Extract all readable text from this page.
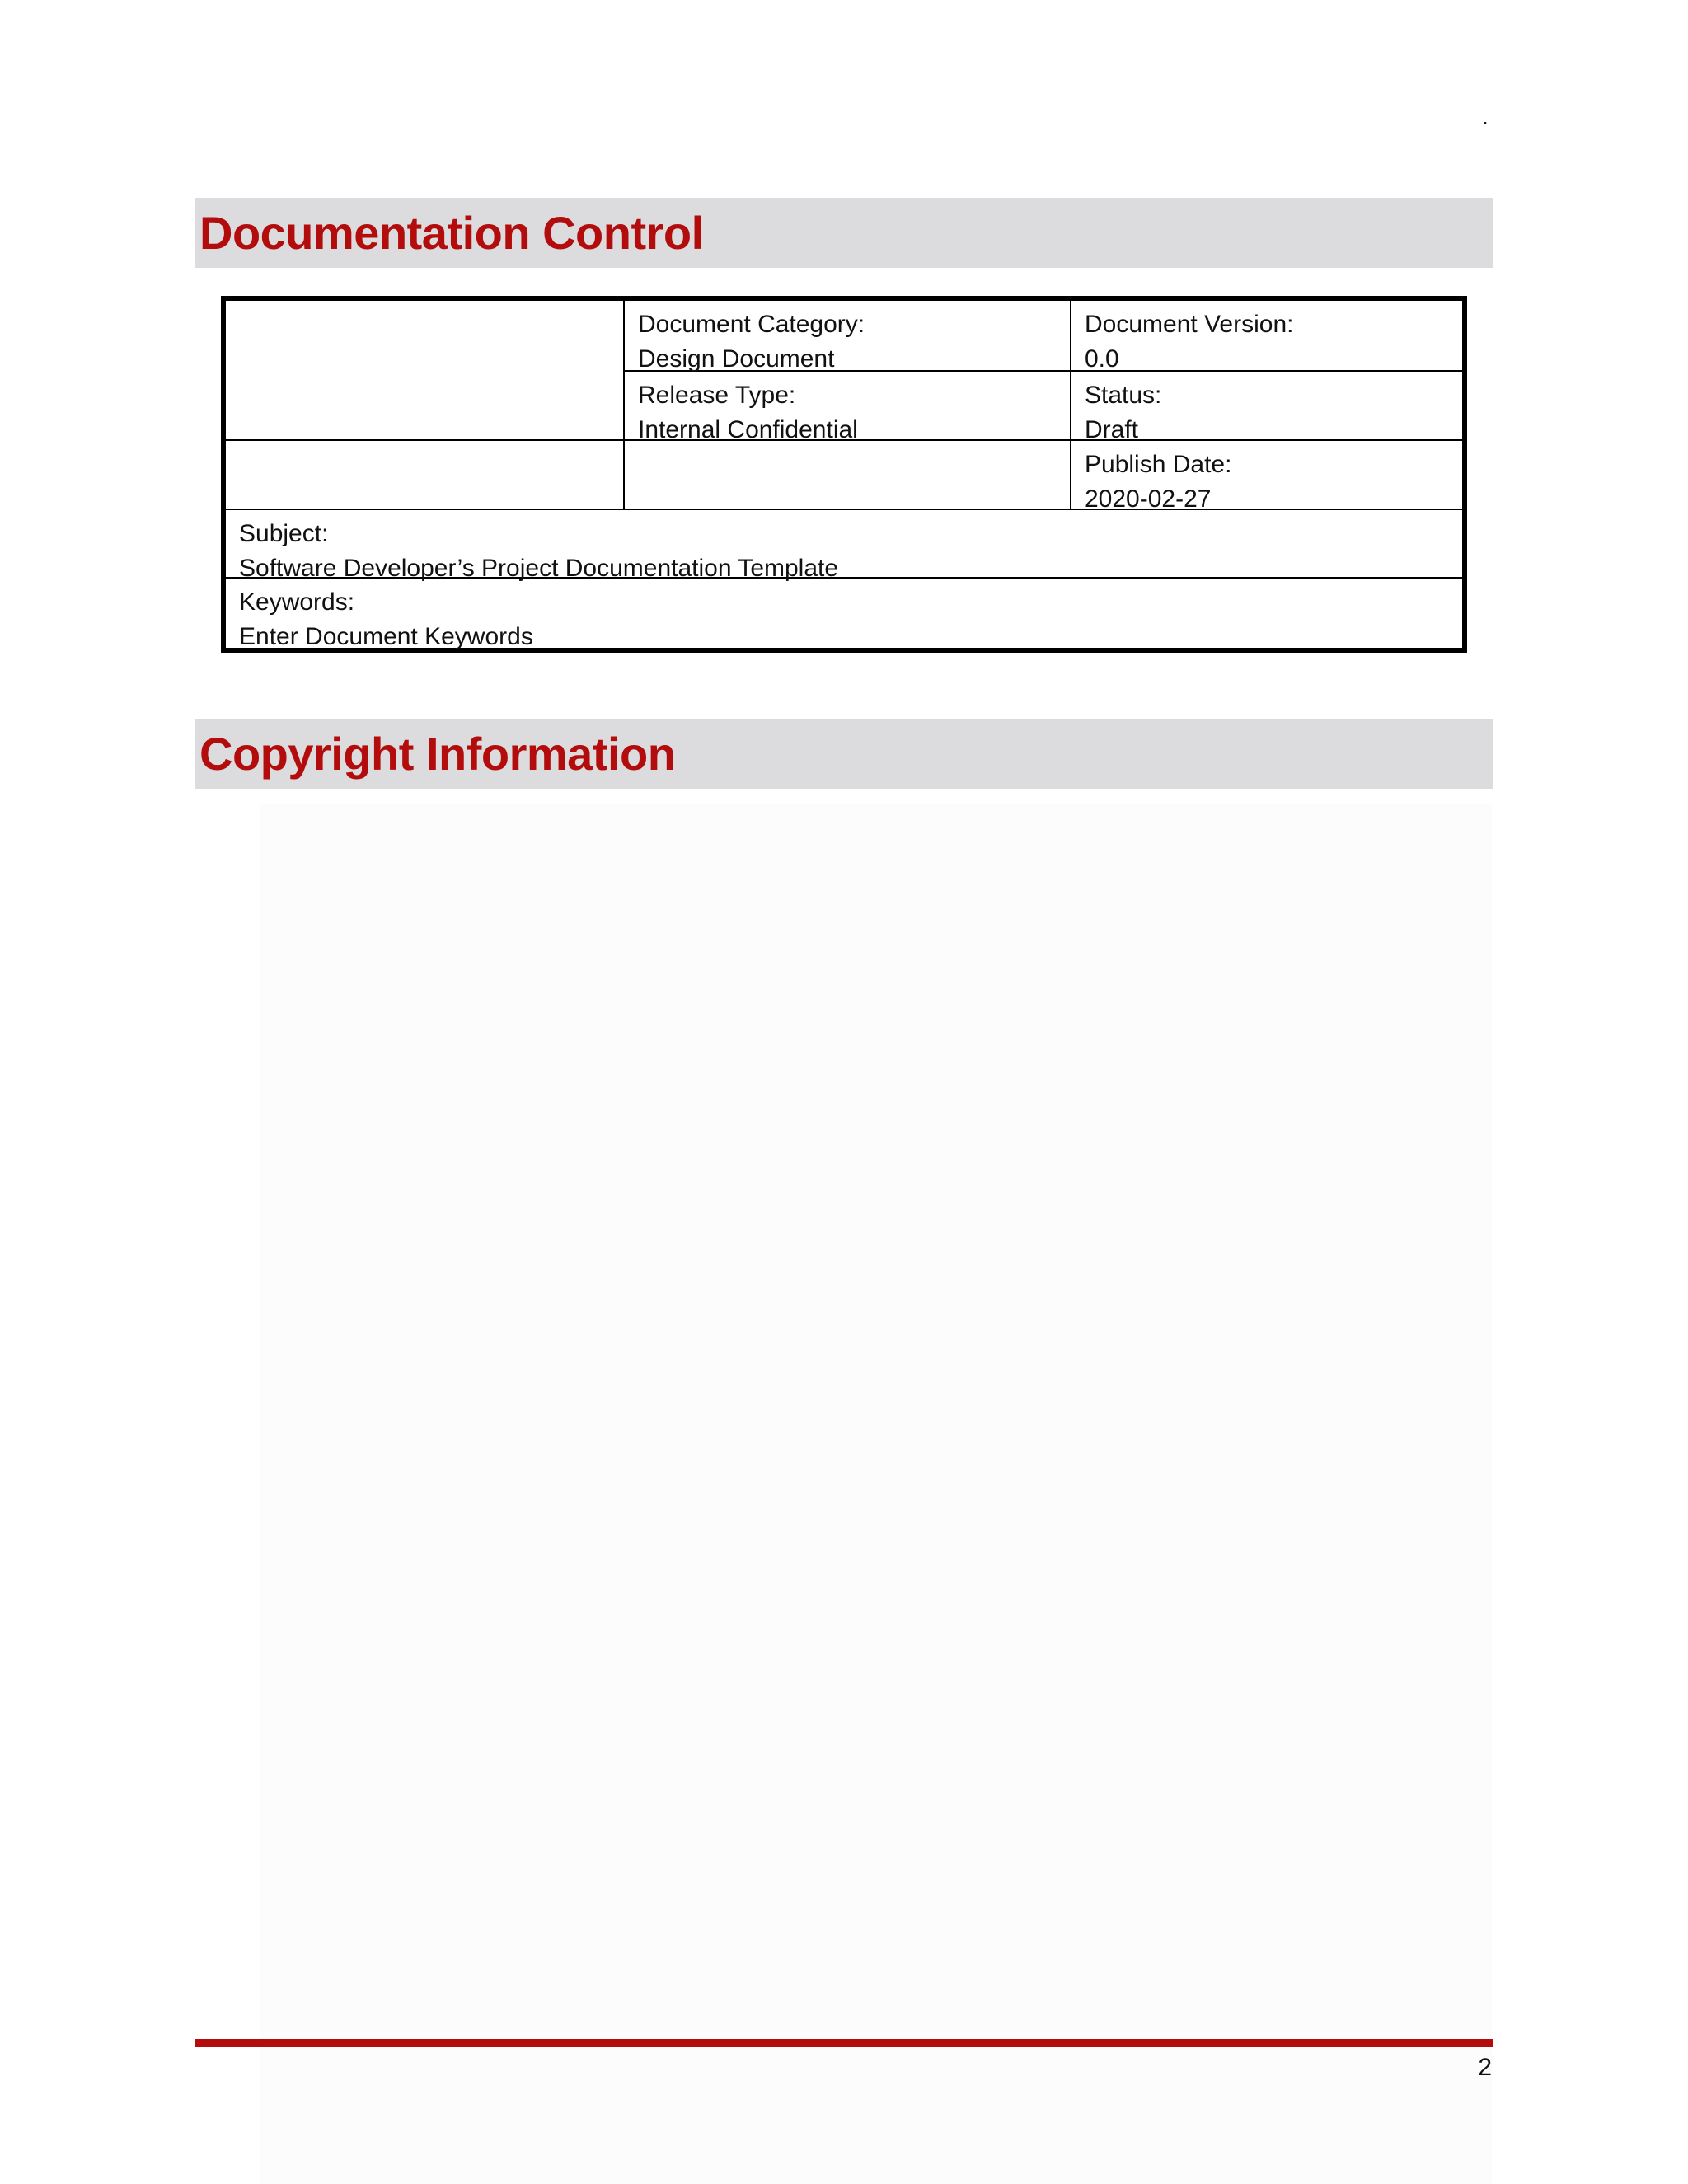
.
Documentation Control
Document Category:
Design Document
Document Version:
0.0
Release Type:
Internal Confidential
Status:
Draft
Publish Date:
2020-02-27
Subject:
Software Developer’s Project Documentation Template
Keywords:
Enter Document Keywords
Copyright Information
2
